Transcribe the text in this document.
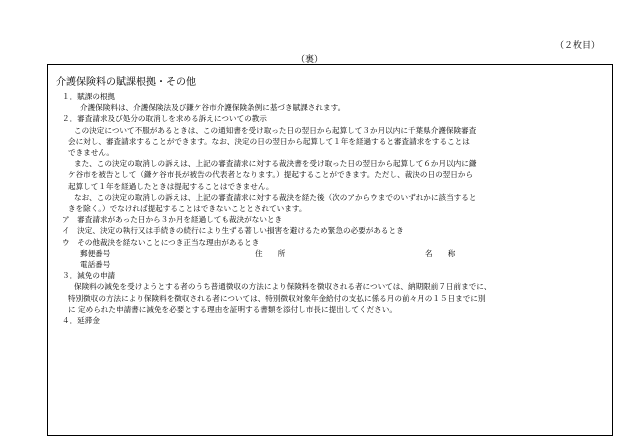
（２枚目）
（裏）
介護保険料の賦課根拠・その他
１．賦課の根拠
介護保険料は、介護保険法及び鎌ケ谷市介護保険条例に基づき賦課されます。
２．審査請求及び処分の取消しを求める訴えについての教示
この決定について不服があるときは、この通知書を受け取った日の翌日から起算して３か月以内に千葉県介護保険審査
会に対し、審査請求することができます。なお、決定の日の翌日から起算して１年を経過すると審査請求をすることは
できません。
また、この決定の取消しの訴えは、上記の審査請求に対する裁決書を受け取った日の翌日から起算して６か月以内に鎌
ケ谷市を被告として（鎌ケ谷市長が被告の代表者となります。）提起することができます。ただし、裁決の日の翌日から
起算して１年を経過したときは提起することはできません。
なお、この決定の取消しの訴えは、上記の審査請求に対する裁決を経た後（次のアからウまでのいずれかに該当すると
きを除く。）でなければ提起することはできないこととされています。
ア　審査請求があった日から３か月を経過しても裁決がないとき
イ　決定、決定の執行又は手続きの続行により生ずる著しい損害を避けるため緊急の必要があるとき
ウ　その他裁決を経ないことにつき正当な理由があるとき
郵便番号	住　　所	名　　称
電話番号
３．減免の申請
保険料の減免を受けようとする者のうち普通徴収の方法により保険料を徴収される者については、納期限前７日前までに、
特別徴収の方法により保険料を徴収される者については、特別徴収対象年金給付の支払に係る月の前々月の１５日までに別
に 定められた申請書に減免を必要とする理由を証明する書類を添付し市長に提出してください。
４．延滞金
